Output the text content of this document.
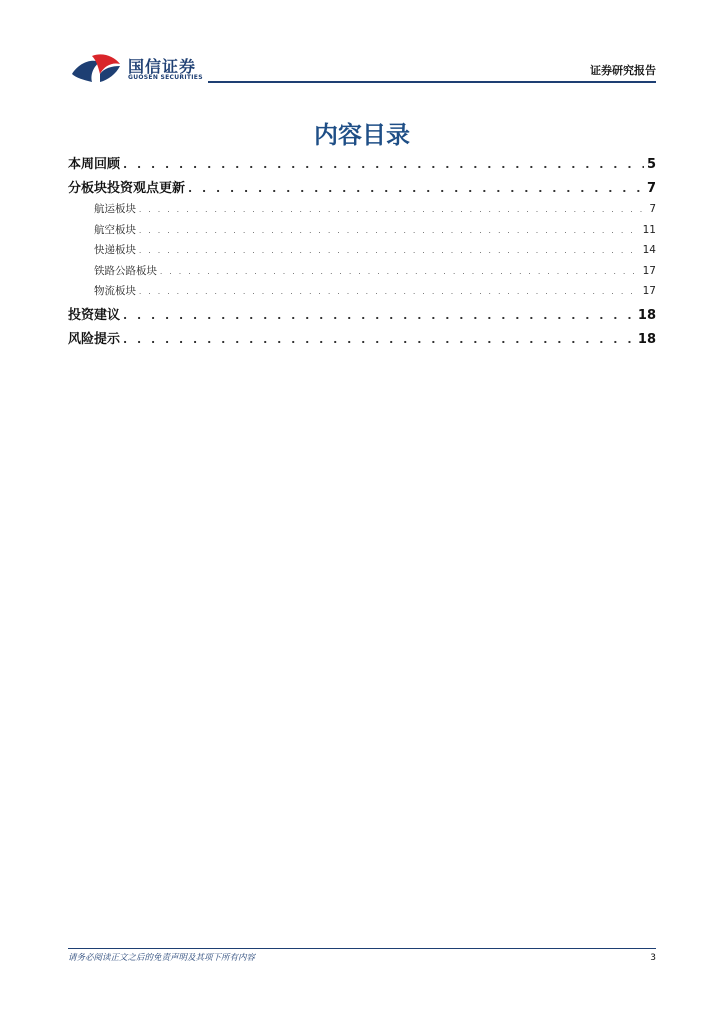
国信证券
GUOSEN SECURITIES
证券研究报告
内容目录
本周回顾 . . .	5
分板块投资观点更新 . . .	7
航运板块 . . .	7
航空板块 . . .	11
快递板块 . . .	14
铁路公路板块 . . .	17
物流板块 . . .	17
投资建议 . . .	18
风险提示 . . .	18
请务必阅读正文之后的免责声明及其项下所有内容	3
